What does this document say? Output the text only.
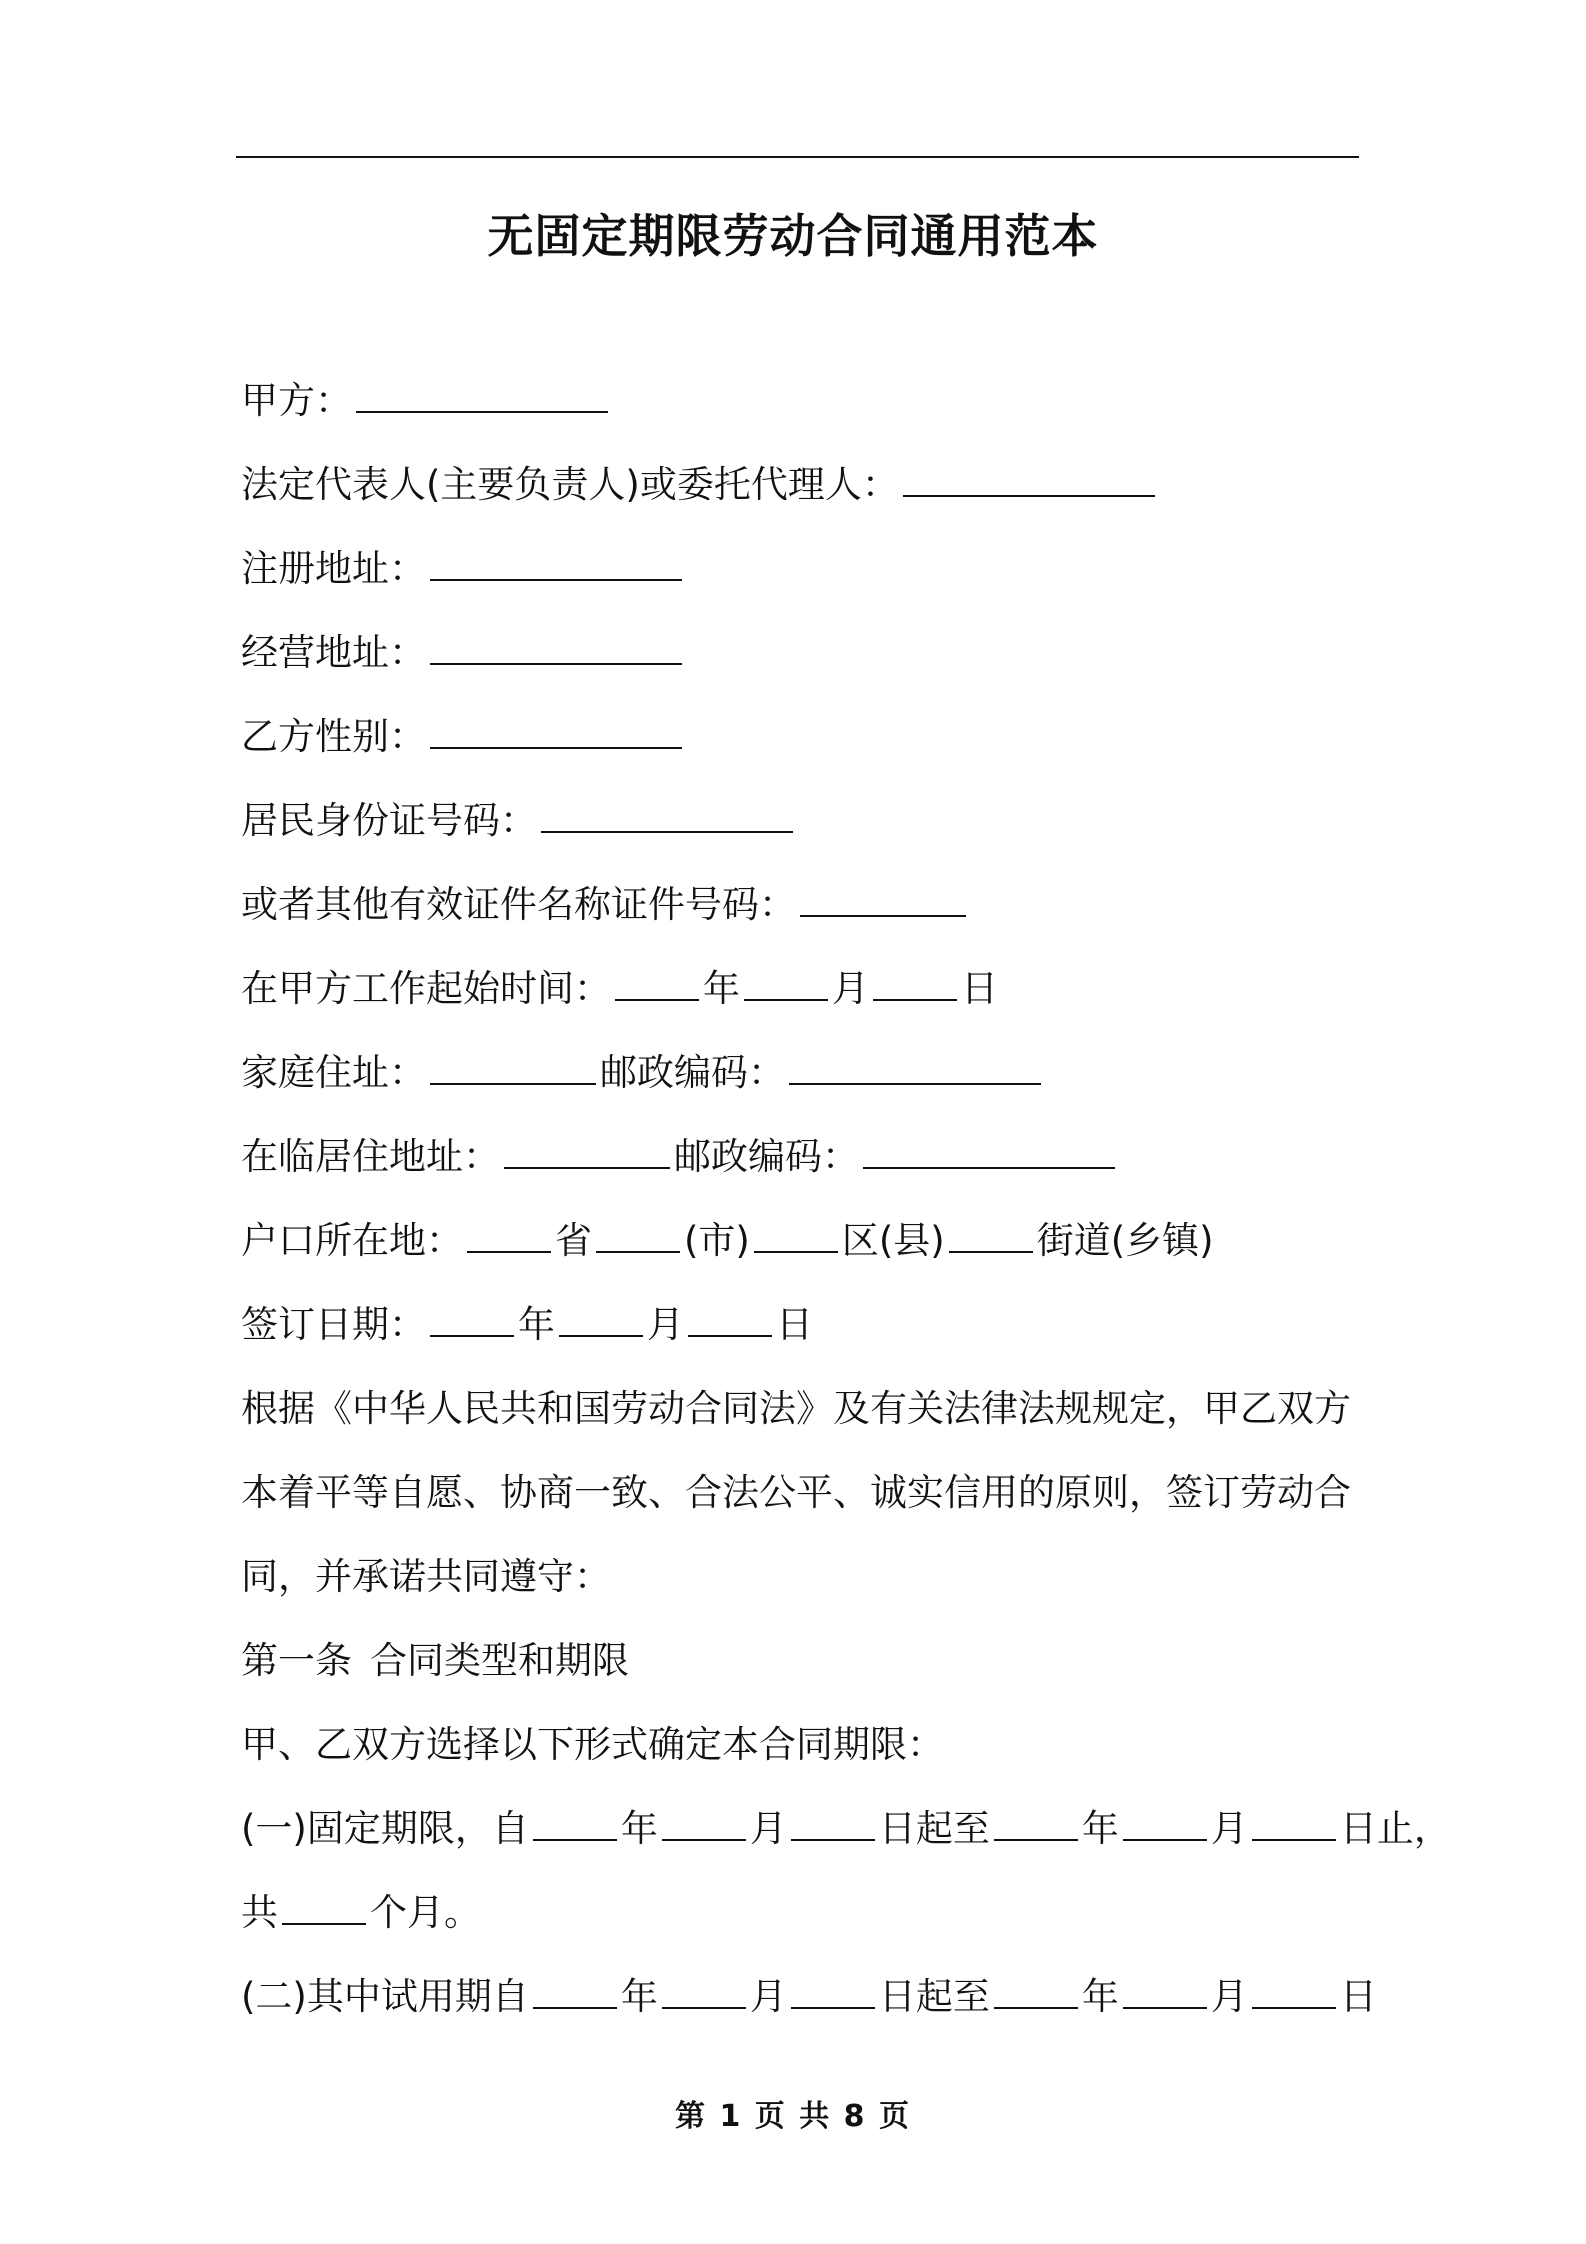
无固定期限劳动合同通用范本
甲方：
法定代表人(主要负责人)或委托代理人：
注册地址：
经营地址：
乙方性别：
居民身份证号码：
或者其他有效证件名称证件号码：
在甲方工作起始时间： 年 月 日
家庭住址：	邮政编码：
在临居住地址：	邮政编码：
户口所在地： 省 (市) 区(县) 街道(乡镇)
签订日期： 年 月 日
根据《中华人民共和国劳动合同法》及有关法律法规规定，甲乙双方
本着平等自愿、协商一致、合法公平、诚实信用的原则，签订劳动合
同，并承诺共同遵守：
第一条 合同类型和期限
甲、乙双方选择以下形式确定本合同期限：
(一)固定期限，自 年 月 日起至 年 月 日止，
共 个月。
(二)其中试用期自 年 月 日起至 年 月 日
第 1 页 共 8 页
